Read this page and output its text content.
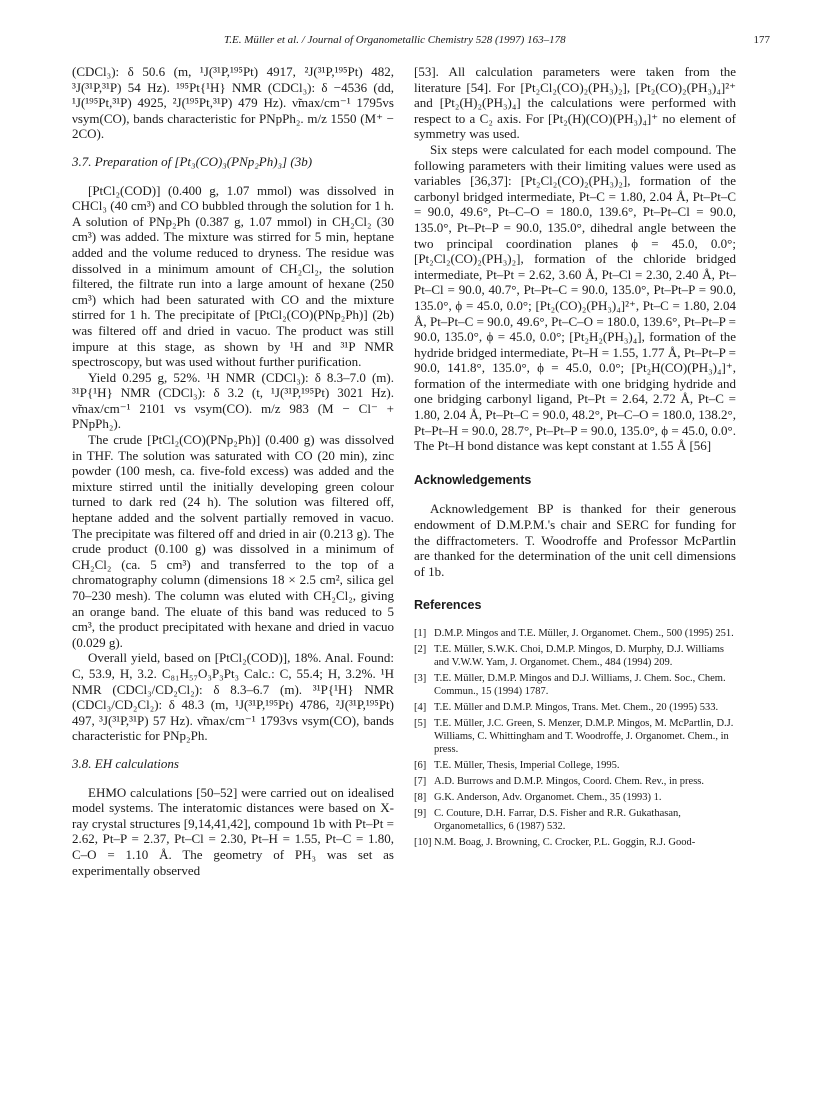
T.E. Müller et al. / Journal of Organometallic Chemistry 528 (1997) 163–178	177

(CDCl₃): δ 50.6 (m, ¹J(³¹P,¹⁹⁵Pt) 4917, ²J(³¹P,¹⁹⁵Pt) 482, ³J(³¹P,³¹P) 54 Hz). ¹⁹⁵Pt{¹H} NMR (CDCl₃): δ −4536 (dd, ¹J(¹⁹⁵Pt,³¹P) 4925, ²J(¹⁹⁵Pt,³¹P) 479 Hz). ν̃max/cm⁻¹ 1795vs νsym(CO), bands characteristic for PNpPh₂. m/z 1550 (M⁺ − 2CO).

3.7. Preparation of [Pt₃(CO)₃(PNp₂Ph)₃] (3b)

[PtCl₂(COD)] (0.400 g, 1.07 mmol) was dissolved in CHCl₃ (40 cm³) and CO bubbled through the solution for 1 h. A solution of PNp₂Ph (0.387 g, 1.07 mmol) in CH₂Cl₂ (30 cm³) was added. The mixture was stirred for 5 min, heptane added and the volume reduced to dryness. The residue was dissolved in a minimum amount of CH₂Cl₂, the solution filtered, the filtrate run into a large amount of hexane (250 cm³) which had been saturated with CO and the mixture stirred for 1 h. The precipitate of [PtCl₂(CO)(PNp₂Ph)] (2b) was filtered off and dried in vacuo. The product was still impure at this stage, as shown by ¹H and ³¹P NMR spectroscopy, but was used without further purification.

Yield 0.295 g, 52%. ¹H NMR (CDCl₃): δ 8.3–7.0 (m). ³¹P{¹H} NMR (CDCl₃): δ 3.2 (t, ¹J(³¹P,¹⁹⁵Pt) 3021 Hz). ν̃max/cm⁻¹ 2101 vs νsym(CO). m/z 983 (M − Cl⁻ + PNpPh₂).

The crude [PtCl₂(CO)(PNp₂Ph)] (0.400 g) was dissolved in THF. The solution was saturated with CO (20 min), zinc powder (100 mesh, ca. five-fold excess) was added and the mixture stirred until the initially developing green colour turned to dark red (24 h). The solution was filtered off, heptane added and the solvent partially removed in vacuo. The precipitate was filtered off and dried in air (0.213 g). The crude product (0.100 g) was dissolved in a minimum of CH₂Cl₂ (ca. 5 cm³) and transferred to the top of a chromatography column (dimensions 18 × 2.5 cm², silica gel 70–230 mesh). The column was eluted with CH₂Cl₂, giving an orange band. The eluate of this band was reduced to 5 cm³, the product precipitated with hexane and dried in vacuo (0.029 g).

Overall yield, based on [PtCl₂(COD)], 18%. Anal. Found: C, 53.9, H, 3.2. C₈₁H₅₇O₃P₃Pt₃ Calc.: C, 55.4; H, 3.2%. ¹H NMR (CDCl₃/CD₂Cl₂): δ 8.3–6.7 (m). ³¹P{¹H} NMR (CDCl₃/CD₂Cl₂): δ 48.3 (m, ¹J(³¹P,¹⁹⁵Pt) 4786, ²J(³¹P,¹⁹⁵Pt) 497, ³J(³¹P,³¹P) 57 Hz). ν̃max/cm⁻¹ 1793vs νsym(CO), bands characteristic for PNp₂Ph.

3.8. EH calculations

EHMO calculations [50–52] were carried out on idealised model systems. The interatomic distances were based on X-ray crystal structures [9,14,41,42], compound 1b with Pt–Pt = 2.62, Pt–P = 2.37, Pt–Cl = 2.30, Pt–H = 1.55, Pt–C = 1.80, C–O = 1.10 Å. The geometry of PH₃ was set as experimentally observed

[53]. All calculation parameters were taken from the literature [54]. For [Pt₂Cl₂(CO)₂(PH₃)₂], [Pt₂(CO)₂(PH₃)₄]²⁺ and [Pt₂(H)₂(PH₃)₄] the calculations were performed with respect to a C₂ axis. For [Pt₂(H)(CO)(PH₃)₄]⁺ no element of symmetry was used.

Six steps were calculated for each model compound. The following parameters with their limiting values were used as variables [36,37]: [Pt₂Cl₂(CO)₂(PH₃)₂], formation of the carbonyl bridged intermediate, Pt–C = 1.80, 2.04 Å, Pt–Pt–C = 90.0, 49.6°, Pt–C–O = 180.0, 139.6°, Pt–Pt–Cl = 90.0, 135.0°, Pt–Pt–P = 90.0, 135.0°, dihedral angle between the two principal coordination planes ϕ = 45.0, 0.0°; [Pt₂Cl₂(CO)₂(PH₃)₂], formation of the chloride bridged intermediate, Pt–Pt = 2.62, 3.60 Å, Pt–Cl = 2.30, 2.40 Å, Pt–Pt–Cl = 90.0, 40.7°, Pt–Pt–C = 90.0, 135.0°, Pt–Pt–P = 90.0, 135.0°, ϕ = 45.0, 0.0°; [Pt₂(CO)₂(PH₃)₄]²⁺, Pt–C = 1.80, 2.04 Å, Pt–Pt–C = 90.0, 49.6°, Pt–C–O = 180.0, 139.6°, Pt–Pt–P = 90.0, 135.0°, ϕ = 45.0, 0.0°; [Pt₂H₂(PH₃)₄], formation of the hydride bridged intermediate, Pt–H = 1.55, 1.77 Å, Pt–Pt–P = 90.0, 141.8°, 135.0°, ϕ = 45.0, 0.0°; [Pt₂H(CO)(PH₃)₄]⁺, formation of the intermediate with one bridging hydride and one bridging carbonyl ligand, Pt–Pt = 2.64, 2.72 Å, Pt–C = 1.80, 2.04 Å, Pt–Pt–C = 90.0, 48.2°, Pt–C–O = 180.0, 138.2°, Pt–Pt–H = 90.0, 28.7°, Pt–Pt–P = 90.0, 135.0°, ϕ = 45.0, 0.0°. The Pt–H bond distance was kept constant at 1.55 Å [56]

Acknowledgements

Acknowledgement BP is thanked for their generous endowment of D.M.P.M.'s chair and SERC for funding for the diffractometers. T. Woodroffe and Professor McPartlin are thanked for the determination of the unit cell dimensions of 1b.

References

[1] D.M.P. Mingos and T.E. Müller, J. Organomet. Chem., 500 (1995) 251.
[2] T.E. Müller, S.W.K. Choi, D.M.P. Mingos, D. Murphy, D.J. Williams and V.W.W. Yam, J. Organomet. Chem., 484 (1994) 209.
[3] T.E. Müller, D.M.P. Mingos and D.J. Williams, J. Chem. Soc., Chem. Commun., 15 (1994) 1787.
[4] T.E. Müller and D.M.P. Mingos, Trans. Met. Chem., 20 (1995) 533.
[5] T.E. Müller, J.C. Green, S. Menzer, D.M.P. Mingos, M. McPartlin, D.J. Williams, C. Whittingham and T. Woodroffe, J. Organomet. Chem., in press.
[6] T.E. Müller, Thesis, Imperial College, 1995.
[7] A.D. Burrows and D.M.P. Mingos, Coord. Chem. Rev., in press.
[8] G.K. Anderson, Adv. Organomet. Chem., 35 (1993) 1.
[9] C. Couture, D.H. Farrar, D.S. Fisher and R.R. Gukathasan, Organometallics, 6 (1987) 532.
[10] N.M. Boag, J. Browning, C. Crocker, P.L. Goggin, R.J. Good-
